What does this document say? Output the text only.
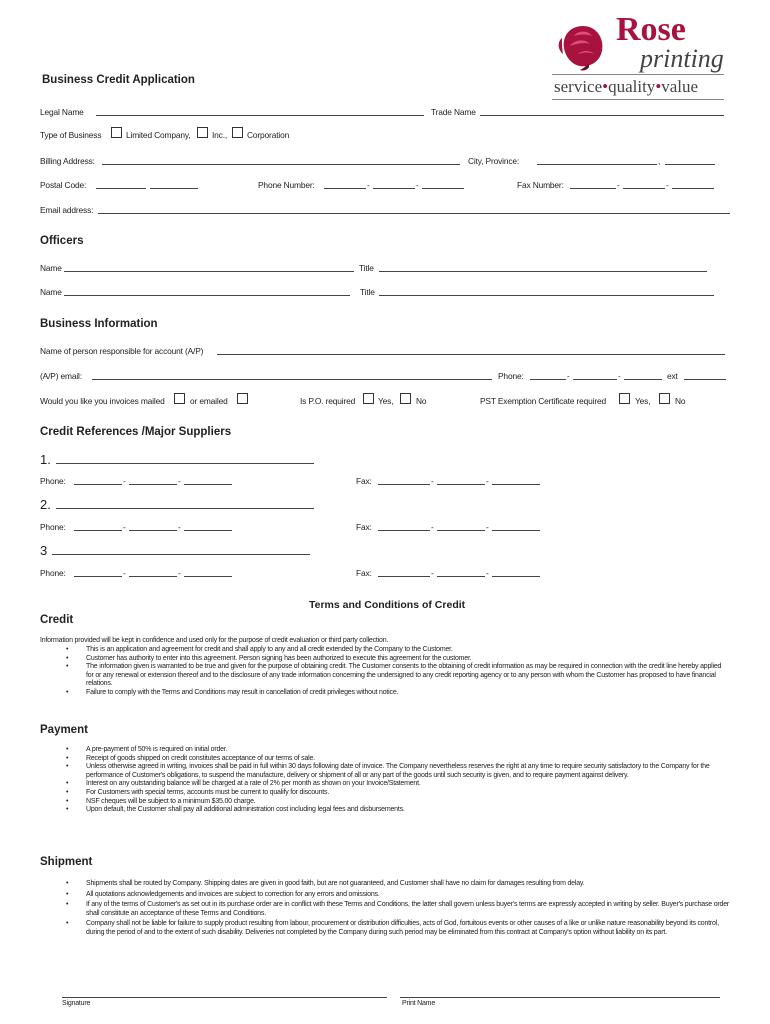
Rose
printing
service•quality•value
Business Credit Application
Legal Name	Trade Name
Type of Business	Limited Company,	Inc., Corporation
Billing Address:	City, Province:	,
Postal Code:	Phone Number:	-	-	Fax Number:	-	-
Email address:
Officers
Name	Title
Name	Title
Business Information
Name of person responsible for account (A/P)
(A/P) email:	Phone:	-	-	ext
Would you like you invoices mailed	or emailed	Is P.O. required	Yes,	No	PST Exemption Certificate required	Yes,	No
Credit References /Major Suppliers
1.
Phone:	-	-	Fax:	-	-
2.
Phone:	-	-	Fax:	-	-
3
Phone:	-	-	Fax:	-	-
Terms and Conditions of Credit
Credit
Information provided will be kept in confidence and used only for the purpose of credit evaluation or third party collection.
• This is an application and agreement for credit and shall apply to any and all credit extended by the Company to the Customer.
• Customer has authority to enter into this agreement. Person signing has been authorized to execute this agreement for the customer.
• The information given is warranted to be true and given for the purpose of obtaining credit. The Customer consents to the obtaining of credit information as may be required in connection with the credit line hereby applied for or any renewal or extension thereof and to the disclosure of any trade information concerning the undersigned to any credit reporting agency or to any person with whom the Customer has proposed to have financial relations.
• Failure to comply with the Terms and Conditions may result in cancellation of credit privileges without notice.
Payment
• A pre-payment of 50% is required on initial order.
• Receipt of goods shipped on credit constitutes acceptance of our terms of sale.
• Unless otherwise agreed in writing, invoices shall be paid in full within 30 days following date of invoice. The Company nevertheless reserves the right at any time to require security satisfactory to the Company for the performance of Customer's obligations, to suspend the manufacture, delivery or shipment of all or any part of the goods until such security is given, and to require payment against delivery.
• Interest on any outstanding balance will be charged at a rate of 2% per month as shown on your Invoice/Statement.
• For Customers with special terms, accounts must be current to qualify for discounts.
• NSF cheques will be subject to a minimum $35.00 charge.
• Upon default, the Customer shall pay all additional administration cost including legal fees and disbursements.
Shipment
• Shipments shall be routed by Company. Shipping dates are given in good faith, but are not guaranteed, and Customer shall have no claim for damages resulting from delay.
• All quotations acknowledgements and invoices are subject to correction for any errors and omissions.
• If any of the terms of Customer's as set out in its purchase order are in conflict with these Terms and Conditions, the latter shall govern unless buyer's terms are expressly accepted in writing by seller. Buyer's purchase order shall constitute an acceptance of these Terms and Conditions.
• Company shall not be liable for failure to supply product resulting from labour, procurement or distribution difficulties, acts of God, fortuitous events or other causes of a like or unlike nature reasonability beyond its control, during the period of and to the extent of such disability. Deliveries not completed by the Company during such period may be eliminated from this contract at Company's option without liability on its part.
Signature	Print Name
